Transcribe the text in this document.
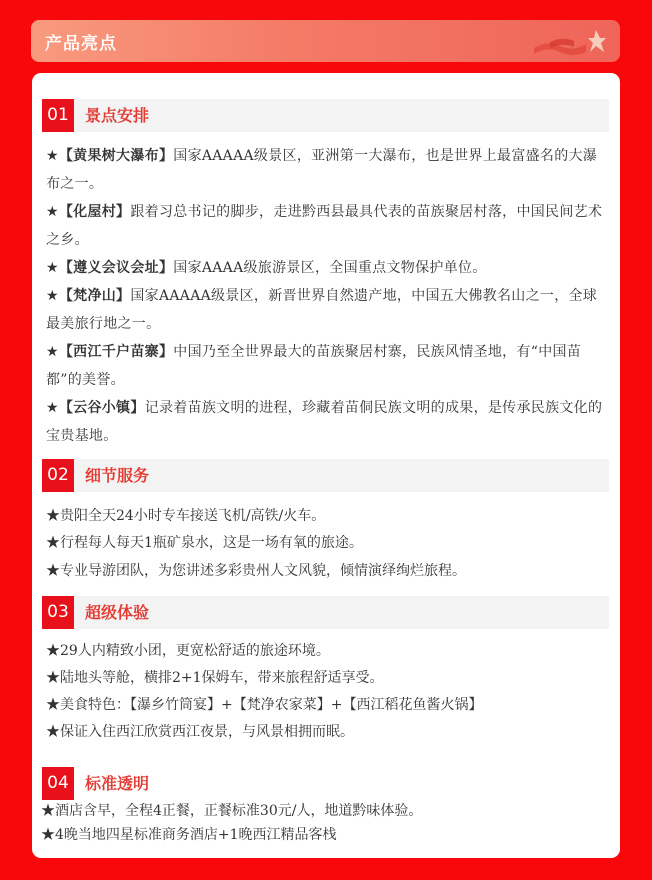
产品亮点
01	景点安排
★【黄果树大瀑布】国家AAAAA级景区，亚洲第一大瀑布，也是世界上最富盛名的大瀑布之一。
★【化屋村】跟着习总书记的脚步，走进黔西县最具代表的苗族聚居村落，中国民间艺术之乡。
★【遵义会议会址】国家AAAA级旅游景区，全国重点文物保护单位。
★【梵净山】国家AAAAA级景区，新晋世界自然遗产地，中国五大佛教名山之一，全球最美旅行地之一。
★【西江千户苗寨】中国乃至全世界最大的苗族聚居村寨，民族风情圣地，有“中国苗都”的美誉。
★【云谷小镇】记录着苗族文明的进程，珍藏着苗侗民族文明的成果，是传承民族文化的宝贵基地。
02	细节服务
★贵阳全天24小时专车接送飞机/高铁/火车。
★行程每人每天1瓶矿泉水，这是一场有氧的旅途。
★专业导游团队，为您讲述多彩贵州人文风貌，倾情演绎绚烂旅程。
03	超级体验
★29人内精致小团，更宽松舒适的旅途环境。
★陆地头等舱，横排2+1保姆车，带来旅程舒适享受。
★美食特色：【瀑乡竹筒宴】+【梵净农家菜】+【西江稻花鱼酱火锅】
★保证入住西江欣赏西江夜景，与风景相拥而眠。
04	标准透明
★酒店含早，全程4正餐，正餐标准30元/人，地道黔味体验。
★4晚当地四星标准商务酒店+1晚西江精品客栈
